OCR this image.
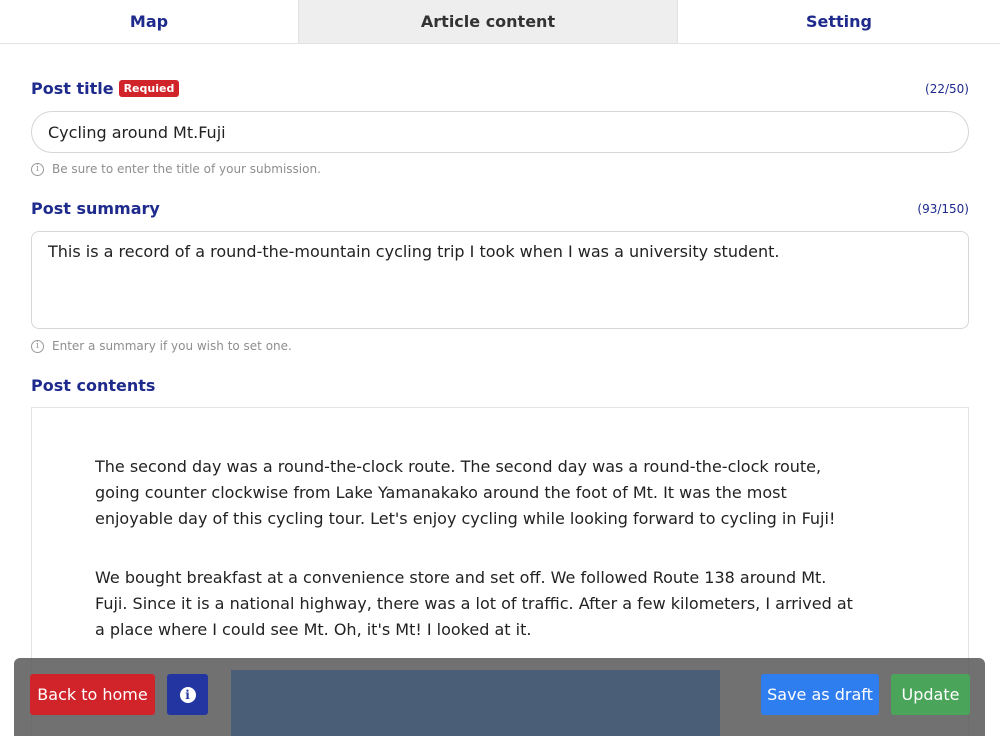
Map	Article content	Setting
Post title Requied	(22/50)
Cycling around Mt.Fuji
i	Be sure to enter the title of your submission.
Post summary	(93/150)
This is a record of a round-the-mountain cycling trip I took when I was a university student.
i	Enter a summary if you wish to set one.
Post contents

The second day was a round-the-clock route. The second day was a round-the-clock route, going counter clockwise from Lake Yamanakako around the foot of Mt. It was the most enjoyable day of this cycling tour. Let's enjoy cycling while looking forward to cycling in Fuji!

We bought breakfast at a convenience store and set off. We followed Route 138 around Mt. Fuji. Since it is a national highway, there was a lot of traffic. After a few kilometers, I arrived at a place where I could see Mt. Oh, it's Mt! I looked at it.

Back to home	i	Save as draft	Update
